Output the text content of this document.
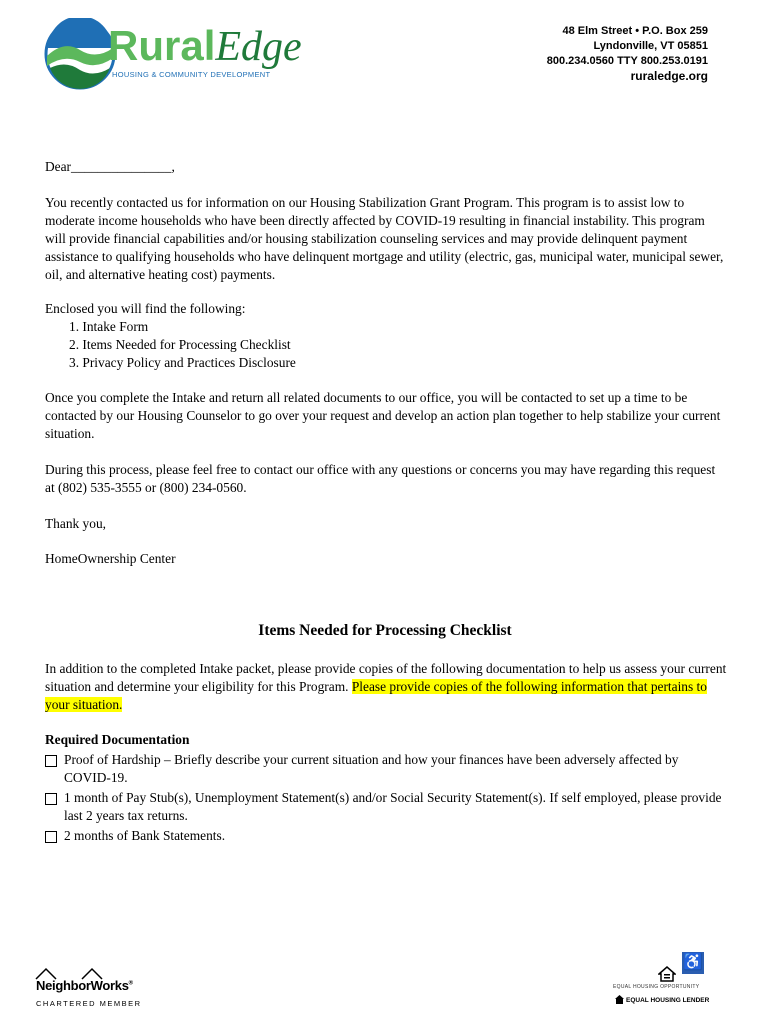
RuralEdge
HOUSING & COMMUNITY DEVELOPMENT
48 Elm Street • P.O. Box 259
Lyndonville, VT 05851
800.234.0560 TTY 800.253.0191
ruraledge.org

Dear_______________,

You recently contacted us for information on our Housing Stabilization Grant Program. This program is to assist low to moderate income households who have been directly affected by COVID-19 resulting in financial instability. This program will provide financial capabilities and/or housing stabilization counseling services and may provide delinquent payment assistance to qualifying households who have delinquent mortgage and utility (electric, gas, municipal water, municipal sewer, oil, and alternative heating cost) payments.

Enclosed you will find the following:

1. Intake Form
2. Items Needed for Processing Checklist
3. Privacy Policy and Practices Disclosure

Once you complete the Intake and return all related documents to our office, you will be contacted to set up a time to be contacted by our Housing Counselor to go over your request and develop an action plan together to help stabilize your current situation.

During this process, please feel free to contact our office with any questions or concerns you may have regarding this request at (802) 535-3555 or (800) 234-0560.

Thank you,

HomeOwnership Center

Items Needed for Processing Checklist

In addition to the completed Intake packet, please provide copies of the following documentation to help us assess your current situation and determine your eligibility for this Program. Please provide copies of the following information that pertains to your situation.

Required Documentation
Proof of Hardship – Briefly describe your current situation and how your finances have been adversely affected by COVID-19.
1 month of Pay Stub(s), Unemployment Statement(s) and/or Social Security Statement(s). If self employed, please provide last 2 years tax returns.
2 months of Bank Statements.
NeighborWorks®
CHARTERED MEMBER
♿
EQUAL HOUSING OPPORTUNITY
EQUAL HOUSING LENDER
